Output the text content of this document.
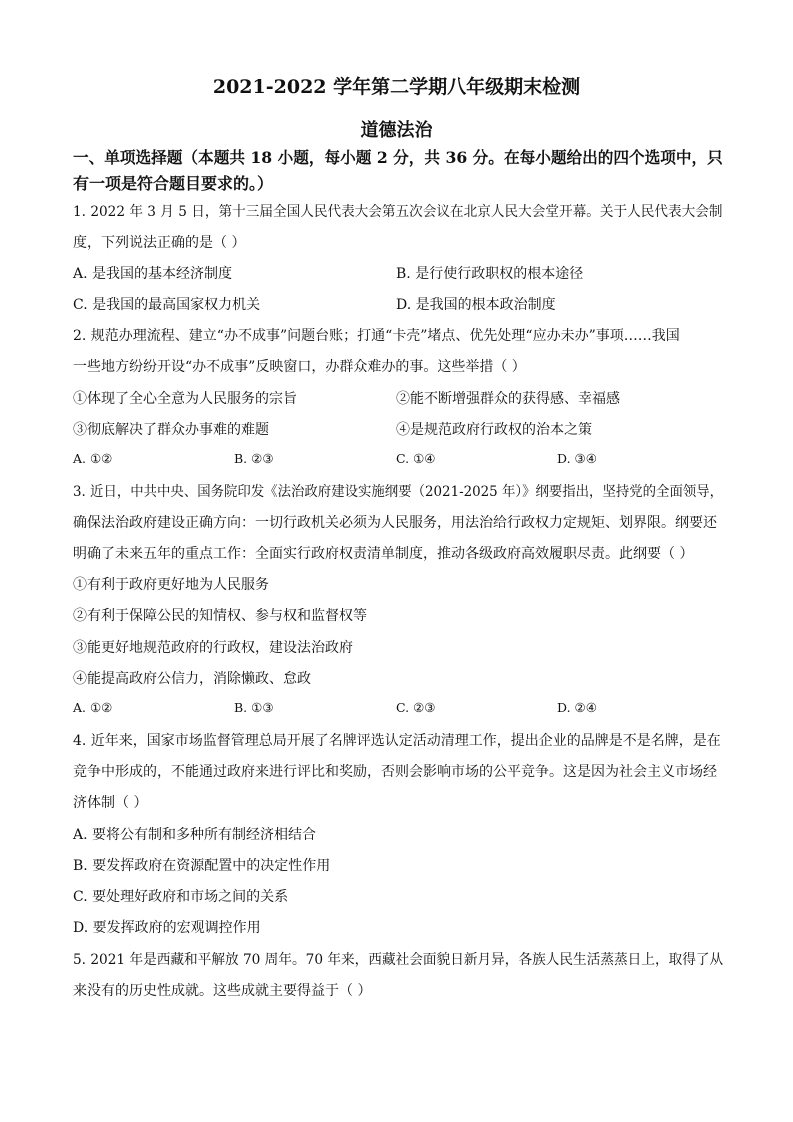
2021-2022 学年第二学期八年级期末检测
道德法治
一、单项选择题（本题共 18 小题，每小题 2 分，共 36 分。在每小题给出的四个选项中，只
有一项是符合题目要求的。）
1. 2022 年 3 月 5 日，第十三届全国人民代表大会第五次会议在北京人民大会堂开幕。关于人民代表大会制
度，下列说法正确的是（ ）
A. 是我国的基本经济制度	B. 是行使行政职权的根本途径
C. 是我国的最高国家权力机关	D. 是我国的根本政治制度
2. 规范办理流程、建立“办不成事”问题台账；打通“卡壳”堵点、优先处理“应办未办”事项……我国
一些地方纷纷开设“办不成事”反映窗口，办群众难办的事。这些举措（ ）
①体现了全心全意为人民服务的宗旨	②能不断增强群众的获得感、幸福感
③彻底解决了群众办事难的难题	④是规范政府行政权的治本之策
A. ①②	B. ②③	C. ①④	D. ③④
3. 近日，中共中央、国务院印发《法治政府建设实施纲要（2021-2025 年）》纲要指出，坚持党的全面领导，
确保法治政府建设正确方向：一切行政机关必须为人民服务，用法治给行政权力定规矩、划界限。纲要还
明确了未来五年的重点工作：全面实行政府权责清单制度，推动各级政府高效履职尽责。此纲要（ ）
①有利于政府更好地为人民服务
②有利于保障公民的知情权、参与权和监督权等
③能更好地规范政府的行政权，建设法治政府
④能提高政府公信力，消除懒政、怠政
A. ①②	B. ①③	C. ②③	D. ②④
4. 近年来，国家市场监督管理总局开展了名牌评选认定活动清理工作，提出企业的品牌是不是名牌，是在
竞争中形成的，不能通过政府来进行评比和奖励，否则会影响市场的公平竞争。这是因为社会主义市场经
济体制（ ）
A. 要将公有制和多种所有制经济相结合
B. 要发挥政府在资源配置中的决定性作用
C. 要处理好政府和市场之间的关系
D. 要发挥政府的宏观调控作用
5. 2021 年是西藏和平解放 70 周年。70 年来，西藏社会面貌日新月异，各族人民生活蒸蒸日上，取得了从
来没有的历史性成就。这些成就主要得益于（ ）
